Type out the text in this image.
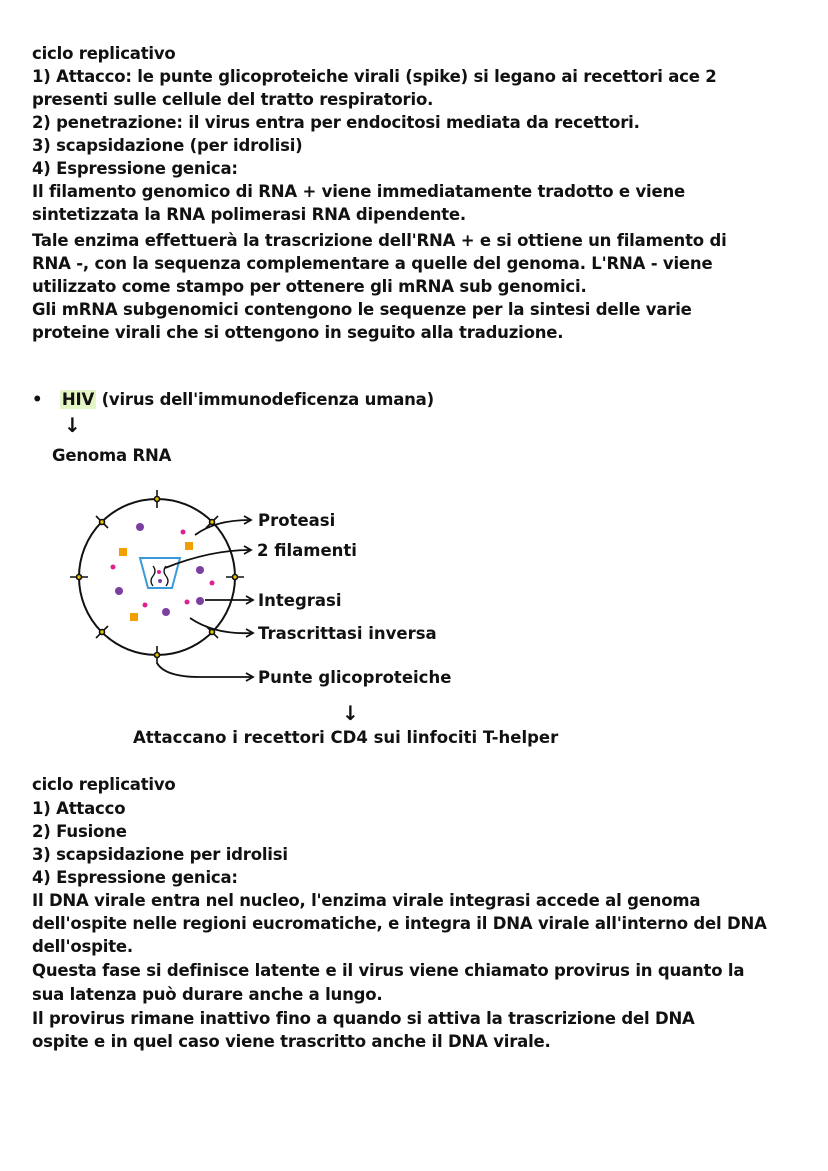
ciclo replicativo
1) Attacco: le punte glicoproteiche virali (spike) si legano ai recettori ace 2
presenti sulle cellule del tratto respiratorio.
2) penetrazione: il virus entra per endocitosi mediata da recettori.
3) scapsidazione (per idrolisi)
4) Espressione genica:
Il filamento genomico di RNA + viene immediatamente tradotto e viene
sintetizzata la RNA polimerasi RNA dipendente.
Tale enzima effettuerà la trascrizione dell'RNA + e si ottiene un filamento di
RNA -, con la sequenza complementare a quelle del genoma. L'RNA - viene
utilizzato come stampo per ottenere gli mRNA sub genomici.
Gli mRNA subgenomici contengono le sequenze per la sintesi delle varie
proteine virali che si ottengono in seguito alla traduzione.
• HIV (virus dell'immunodeficenza umana)
↓
Genoma RNA
Proteasi
2 filamenti
Integrasi
Trascrittasi inversa
Punte glicoproteiche
↓
Attaccano i recettori CD4 sui linfociti T-helper
ciclo replicativo
1) Attacco
2) Fusione
3) scapsidazione per idrolisi
4) Espressione genica:
Il DNA virale entra nel nucleo, l'enzima virale integrasi accede al genoma
dell'ospite nelle regioni eucromatiche, e integra il DNA virale all'interno del DNA
dell'ospite.
Questa fase si definisce latente e il virus viene chiamato provirus in quanto la
sua latenza può durare anche a lungo.
Il provirus rimane inattivo fino a quando si attiva la trascrizione del DNA
ospite e in quel caso viene trascritto anche il DNA virale.
